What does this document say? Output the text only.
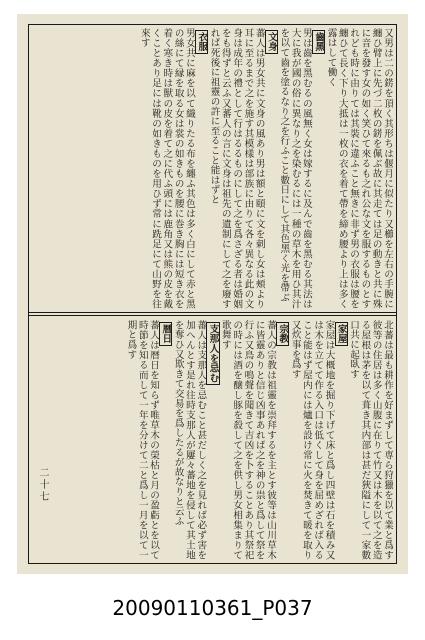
又男は二の錺を頂く其形ちは偃月に似たり又櫛を左右の手腕に纏ひ臂上に先づ二枚の錺を佩ぶ故に其走ては足の動きと共に殊に音を發す女の如く笑ひて來るも之れ公な文を服するものとすれども時に由りては其裝に違ふこと無きに非ず男の衣服は腰を纏ひて長く下り大抵は一枚の衣を着て帶を締め腰より上は多く露はして働く

齒黑

男は齒を黑むるの風無く女は嫁するに及んで齒を黑むる其法は大に我が國の俗に異なり之を染むるには一種の草木を用ひ其汁を以て齒を塗るなり之を行ふこと數日にして其色黑く光を帶ぶ

文身

蕃人は男女共に文身の風あり男は額と頤に文を刺し女は頰より耳に至るまで之を施す其模樣は部族に由りて各々異なる此の文身は成年の禮として行はるるものにして之を爲さざる者は婚姻をも得ずと云ふ又蕃人の言に文身は祖先の遺制にして之を廢すれば死後に祖靈の許に至ること能はずと

衣服

男女共に麻を以て織りたる布を纏ふ其色は多く白にして赤と黑の絲にて縁を取る女は裳の如きものを腰に巻き胸には短き衣を着く寒き時は獸の皮を着て之に代ふ頭には鹿角又は熊の皮を戴くことあり足には靴の如きものを用ひず常に跣足にて山野を往來す

二十七	北蕃は最も耕作を好まずして専ら狩獵を以て業と爲す彼等の住居は多く山腹に在りて竹又は木を以て之を造る屋根は茅を以て葺き其内部は甚だ狹隘にして一家數口共に起臥す

家屋

家屋は大概地を掘り下げて床と爲し四壁は石を積み又は木を立てて作る入口は低くして身を屈めざれば入ること能はず屋内には爐を設け常に火を焚きて暖を取り又炊事を爲す

宗教

蕃人の宗教は祖靈を崇拜するを主とす彼等は山川草木に皆靈ありと信じ凶事あれば之を神の祟と爲して祭を行ふ又鳥の鳴聲を聞きて吉凶を卜することあり其祭祀の時には酒を醸し豚を殺して之を供し男女相集まりて歌舞す

支那人を忌む

蕃人は支那人を忌むこと甚だしく之を見れば必ず害を加へんとす是れ往時支那人が屢々蕃地を侵して其土地を奪ひ又欺きて交易を爲したるが故なりと云ふ

暦日

蕃人は暦日を知らず唯草木の榮枯と月の盈虧とを以て時節を知る而して一年を分けて二と爲し一月を以て一期と爲す

20090110361_P037
